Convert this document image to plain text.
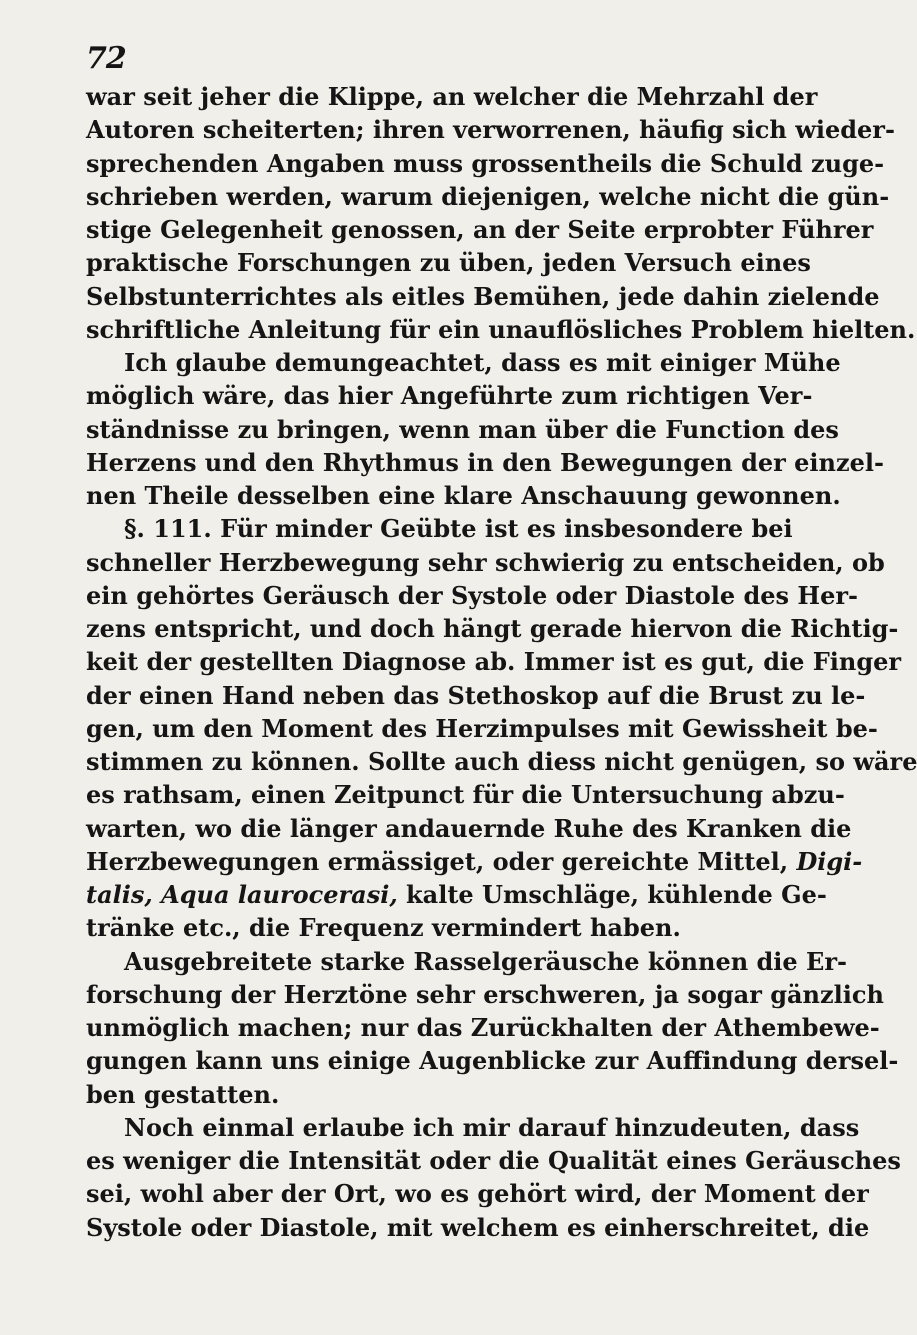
72
war seit jeher die Klippe, an welcher die Mehrzahl der
Autoren scheiterten; ihren verworrenen, häufig sich wieder-
sprechenden Angaben muss grossentheils die Schuld zuge-
schrieben werden, warum diejenigen, welche nicht die gün-
stige Gelegenheit genossen, an der Seite erprobter Führer
praktische Forschungen zu üben, jeden Versuch eines
Selbstunterrichtes als eitles Bemühen, jede dahin zielende
schriftliche Anleitung für ein unauflösliches Problem hielten.
Ich glaube demungeachtet, dass es mit einiger Mühe
möglich wäre, das hier Angeführte zum richtigen Ver-
ständnisse zu bringen, wenn man über die Function des
Herzens und den Rhythmus in den Bewegungen der einzel-
nen Theile desselben eine klare Anschauung gewonnen.
§. 111. Für minder Geübte ist es insbesondere bei
schneller Herzbewegung sehr schwierig zu entscheiden, ob
ein gehörtes Geräusch der Systole oder Diastole des Her-
zens entspricht, und doch hängt gerade hiervon die Richtig-
keit der gestellten Diagnose ab. Immer ist es gut, die Finger
der einen Hand neben das Stethoskop auf die Brust zu le-
gen, um den Moment des Herzimpulses mit Gewissheit be-
stimmen zu können. Sollte auch diess nicht genügen, so wäre
es rathsam, einen Zeitpunct für die Untersuchung abzu-
warten, wo die länger andauernde Ruhe des Kranken die
Herzbewegungen ermässiget, oder gereichte Mittel, Digi-
talis, Aqua laurocerasi, kalte Umschläge, kühlende Ge-
tränke etc., die Frequenz vermindert haben.
Ausgebreitete starke Rasselgeräusche können die Er-
forschung der Herztöne sehr erschweren, ja sogar gänzlich
unmöglich machen; nur das Zurückhalten der Athembewe-
gungen kann uns einige Augenblicke zur Auffindung dersel-
ben gestatten.
Noch einmal erlaube ich mir darauf hinzudeuten, dass
es weniger die Intensität oder die Qualität eines Geräusches
sei, wohl aber der Ort, wo es gehört wird, der Moment der
Systole oder Diastole, mit welchem es einherschreitet, die
